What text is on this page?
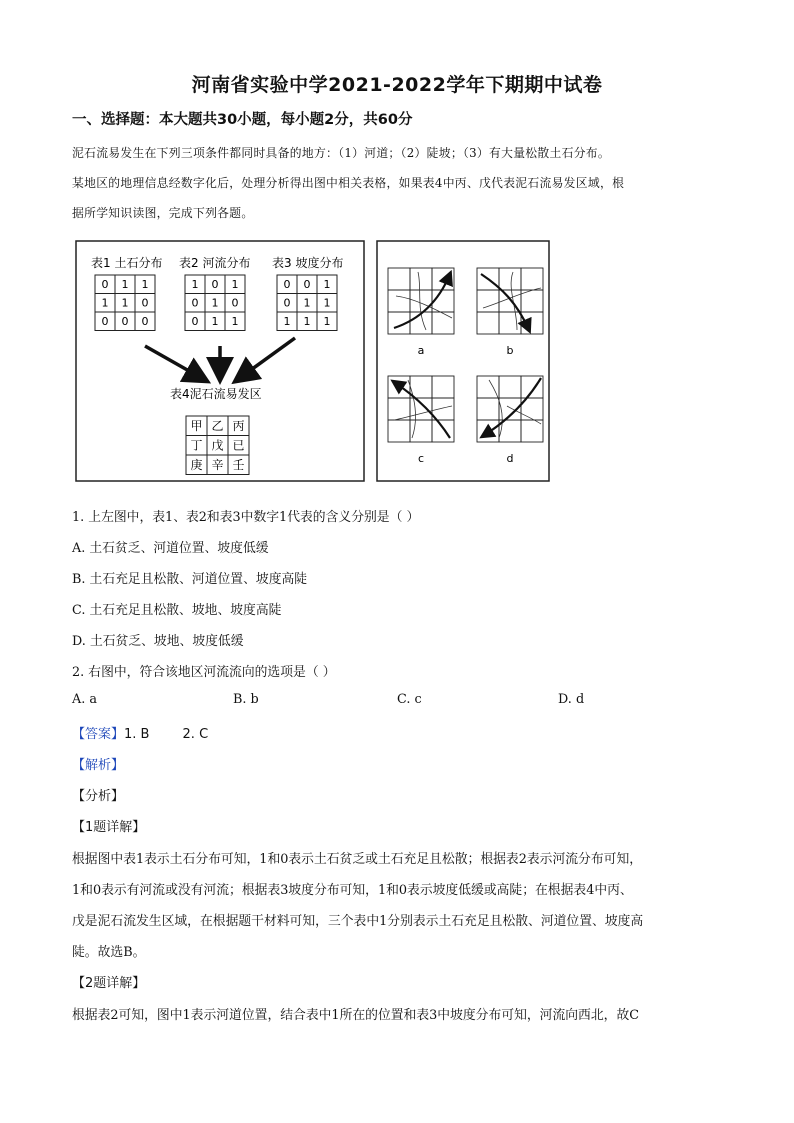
河南省实验中学2021-2022学年下期期中试卷
一、选择题：本大题共30小题，每小题2分，共60分
泥石流易发生在下列三项条件都同时具备的地方：（1）河道；（2）陡坡；（3）有大量松散土石分布。
某地区的地理信息经数字化后，处理分析得出图中相关表格，如果表4中丙、戊代表泥石流易发区域，根
据所学知识读图，完成下列各题。
表1 土石分布 表2 河流分布 表3 坡度分布
0 1 1
1 1 0
0 0 0
1 0 1
0 1 0
0 1 1
0 0 1
0 1 1
1 1 1
甲 乙 丙
丁 戊 已
庚 辛 壬
表4泥石流易发区
a	b
c	d
1. 上左图中，表1、表2和表3中数字1代表的含义分别是（ ）
A. 土石贫乏、河道位置、坡度低缓
B. 土石充足且松散、河道位置、坡度高陡
C. 土石充足且松散、坡地、坡度高陡
D. 土石贫乏、坡地、坡度低缓
2. 右图中，符合该地区河流流向的选项是（ ）
A. a	B. b	C. c	D. d
【答案】1. B        2. C
【解析】
【分析】
【1题详解】
根据图中表1表示土石分布可知，1和0表示土石贫乏或土石充足且松散；根据表2表示河流分布可知，
1和0表示有河流或没有河流；根据表3坡度分布可知，1和0表示坡度低缓或高陡；在根据表4中丙、
戊是泥石流发生区域，在根据题干材料可知，三个表中1分别表示土石充足且松散、河道位置、坡度高
陡。故选B。
【2题详解】
根据表2可知，图中1表示河道位置，结合表中1所在的位置和表3中坡度分布可知，河流向西北，故C
